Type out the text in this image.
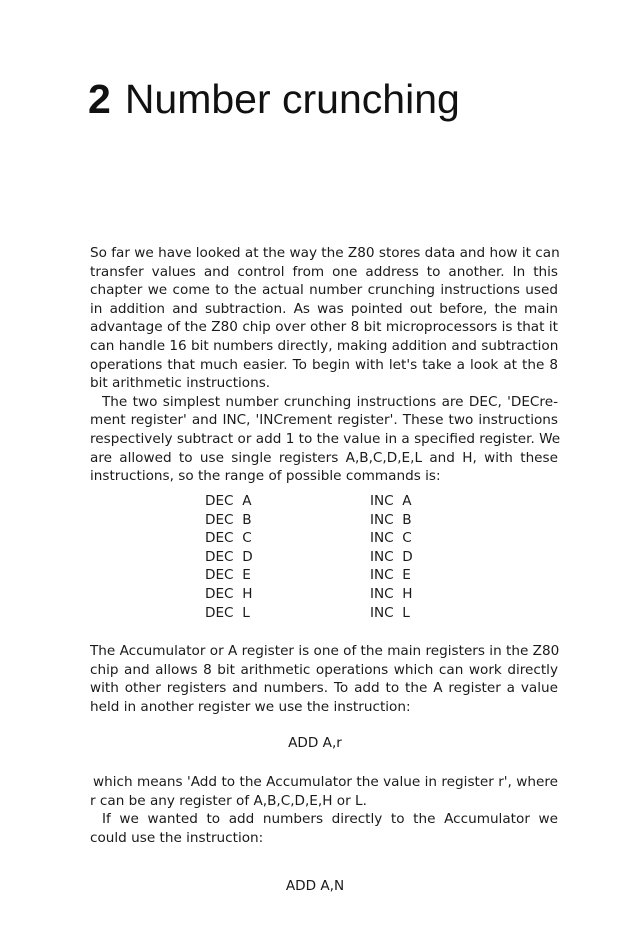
2 Number crunching
So far we have looked at the way the Z80 stores data and how it can
transfer values and control from one address to another. In this
chapter we come to the actual number crunching instructions used
in addition and subtraction. As was pointed out before, the main
advantage of the Z80 chip over other 8 bit microprocessors is that it
can handle 16 bit numbers directly, making addition and subtraction
operations that much easier. To begin with let's take a look at the 8
bit arithmetic instructions.
The two simplest number crunching instructions are DEC, 'DECre-
ment register' and INC, 'INCrement register'. These two instructions
respectively subtract or add 1 to the value in a specified register. We
are allowed to use single registers A,B,C,D,E,L and H, with these
instructions, so the range of possible commands is:
DEC  A	INC  A
DEC  B	INC  B
DEC  C	INC  C
DEC  D	INC  D
DEC  E	INC  E
DEC  H	INC  H
DEC  L	INC  L
The Accumulator or A register is one of the main registers in the Z80
chip and allows 8 bit arithmetic operations which can work directly
with other registers and numbers. To add to the A register a value
held in another register we use the instruction:
ADD A,r
which means 'Add to the Accumulator the value in register r', where
r can be any register of A,B,C,D,E,H or L.
If we wanted to add numbers directly to the Accumulator we
could use the instruction:
ADD A,N
